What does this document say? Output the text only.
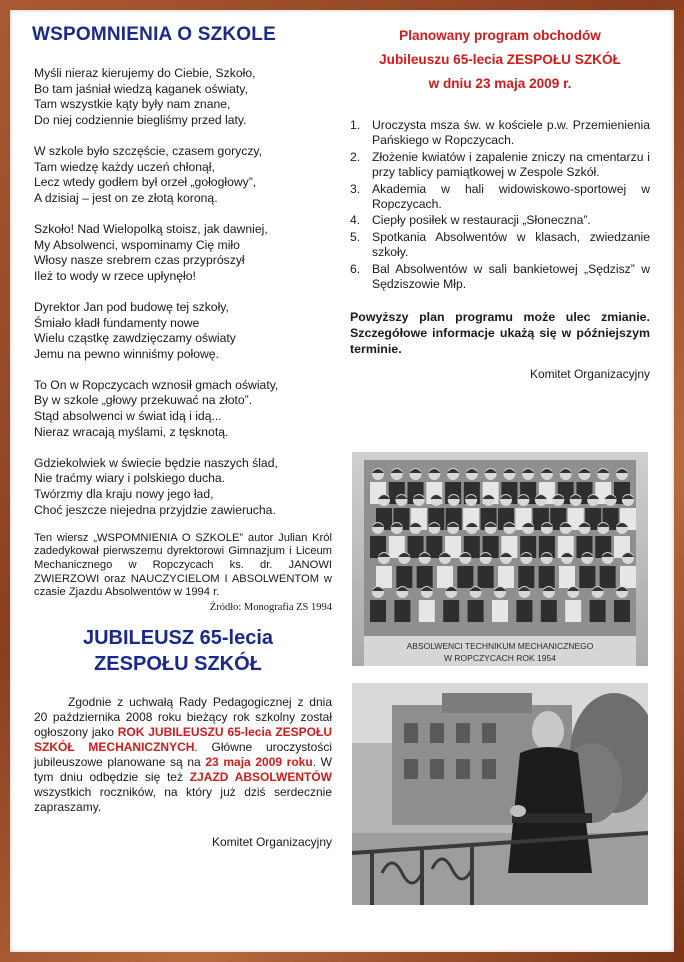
WSPOMNIENIA O SZKOLE
Myśli nieraz kierujemy do Ciebie, Szkoło,
Bo tam jaśniał wiedzą kaganek oświaty,
Tam wszystkie kąty były nam znane,
Do niej codziennie biegliśmy przed laty.
W szkole było szczęście, czasem goryczy,
Tam wiedzę każdy uczeń chłonął,
Lecz wtedy godłem był orzeł „gołogłowy”,
A dzisiaj – jest on ze złotą koroną.
Szkoło! Nad Wielopolką stoisz, jak dawniej,
My Absolwenci, wspominamy Cię miło
Włosy nasze srebrem czas przyprószył
Ileż to wody w rzece upłynęło!
Dyrektor Jan pod budowę tej szkoły,
Śmiało kładł fundamenty nowe
Wielu cząstkę zawdzięczamy oświaty
Jemu na pewno winniśmy połowę.
To On w Ropczycach wznosił gmach oświaty,
By w szkole „głowy przekuwać na złoto”.
Stąd absolwenci w świat idą i idą...
Nieraz wracają myślami, z tęsknotą.
Gdziekolwiek w świecie będzie naszych ślad,
Nie traćmy wiary i polskiego ducha.
Twórzmy dla kraju nowy jego ład,
Choć jeszcze niejedna przyjdzie zawierucha.

Ten wiersz „WSPOMNIENIA O SZKOLE” autor Julian Król zadedykował pierwszemu dyrektorowi Gimnazjum i Liceum Mechanicznego w Ropczycach ks. dr. JANOWI ZWIERZOWI oraz NAUCZYCIELOM I ABSOLWENTOM w czasie Zjazdu Absolwentów w 1994 r.

Źródło: Monografia ZS 1994
JUBILEUSZ 65-lecia
ZESPOŁU SZKÓŁ

Zgodnie z uchwałą Rady Pedagogicznej z dnia 20 października 2008 roku bieżący rok szkolny został ogłoszony jako ROK JUBILEUSZU 65-lecia ZESPOŁU SZKÓŁ MECHANICZNYCH. Główne uroczystości jubileuszowe planowane są na 23 maja 2009 roku. W tym dniu odbędzie się też ZJAZD ABSOLWENTÓW wszystkich roczników, na który już dziś serdecznie zapraszamy.

Komitet Organizacyjny
Planowany program obchodów
Jubileuszu 65-lecia ZESPOŁU SZKÓŁ
w dniu 23 maja 2009 r.
1. Uroczysta msza św. w kościele p.w. Przemienienia Pańskiego w Ropczycach.
2. Złożenie kwiatów i zapalenie zniczy na cmentarzu i przy tablicy pamiątkowej w Zespole Szkół.
3. Akademia w hali widowiskowo-sportowej w Ropczycach.
4. Ciepły posiłek w restauracji „Słoneczna”.
5. Spotkania Absolwentów w klasach, zwiedzanie szkoły.
6. Bal Absolwentów w sali bankietowej „Sędzisz” w Sędziszowie Młp.

Powyższy plan programu może ulec zmianie. Szczegółowe informacje ukażą się w późniejszym terminie.

Komitet Organizacyjny
ABSOLWENCI TECHNIKUM MECHANICZNEGO
W ROPCZYCACH ROK 1954
